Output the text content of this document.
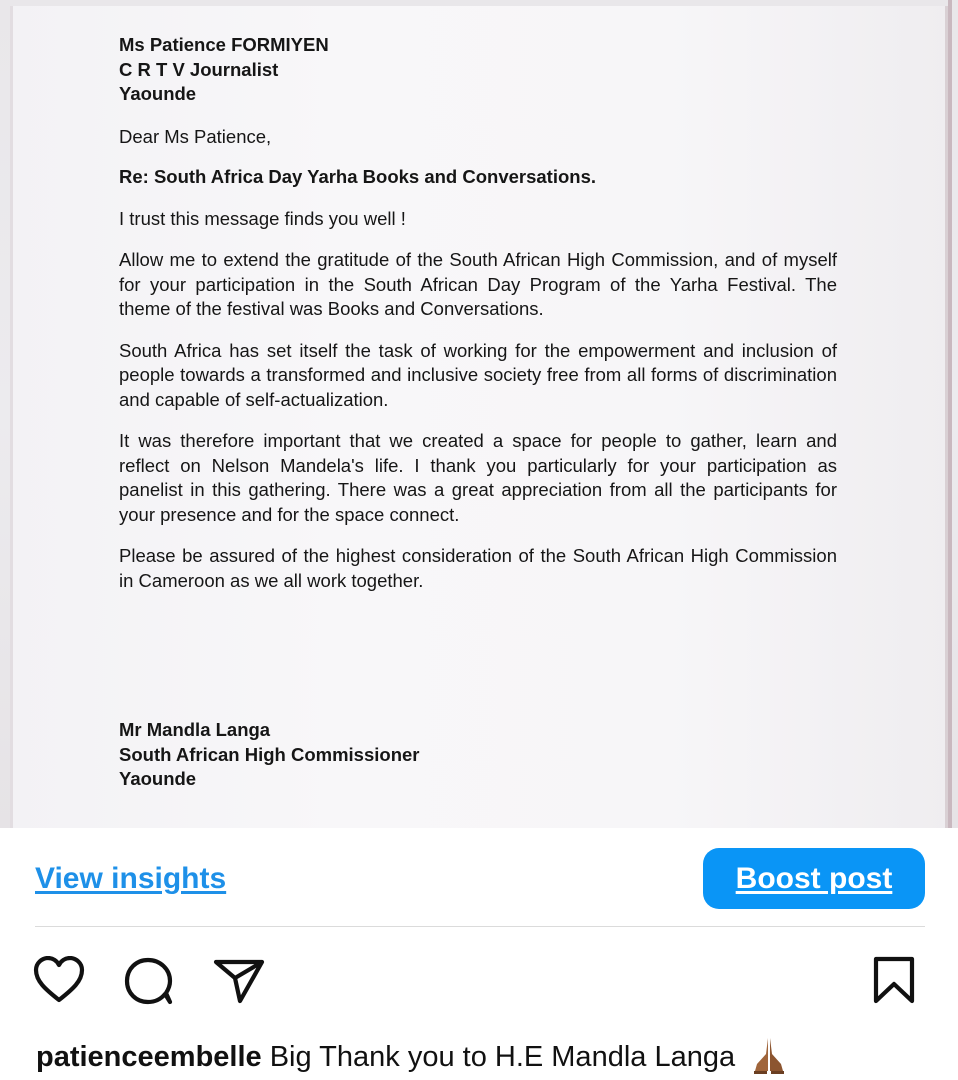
Ms Patience FORMIYEN
C R T V Journalist
Yaounde
Dear Ms Patience,
Re: South Africa Day Yarha Books and Conversations.
I trust this message finds you well !
Allow me to extend the gratitude of the South African High Commission, and of myself for your participation in the South African Day Program of the Yarha Festival. The theme of the festival was Books and Conversations.
South Africa has set itself the task of working for the empowerment and inclusion of people towards a transformed and inclusive society free from all forms of discrimination and capable of self-actualization.
It was therefore important that we created a space for people to gather, learn and reflect on Nelson Mandela's life. I thank you particularly for your participation as panelist in this gathering. There was a great appreciation from all the participants for your presence and for the space connect.
Please be assured of the highest consideration of the South African High Commission in Cameroon as we all work together.
Mr Mandla Langa
South African High Commissioner
Yaounde
View insights	Boost post
patienceembelle Big Thank you to H.E Mandla Langa
